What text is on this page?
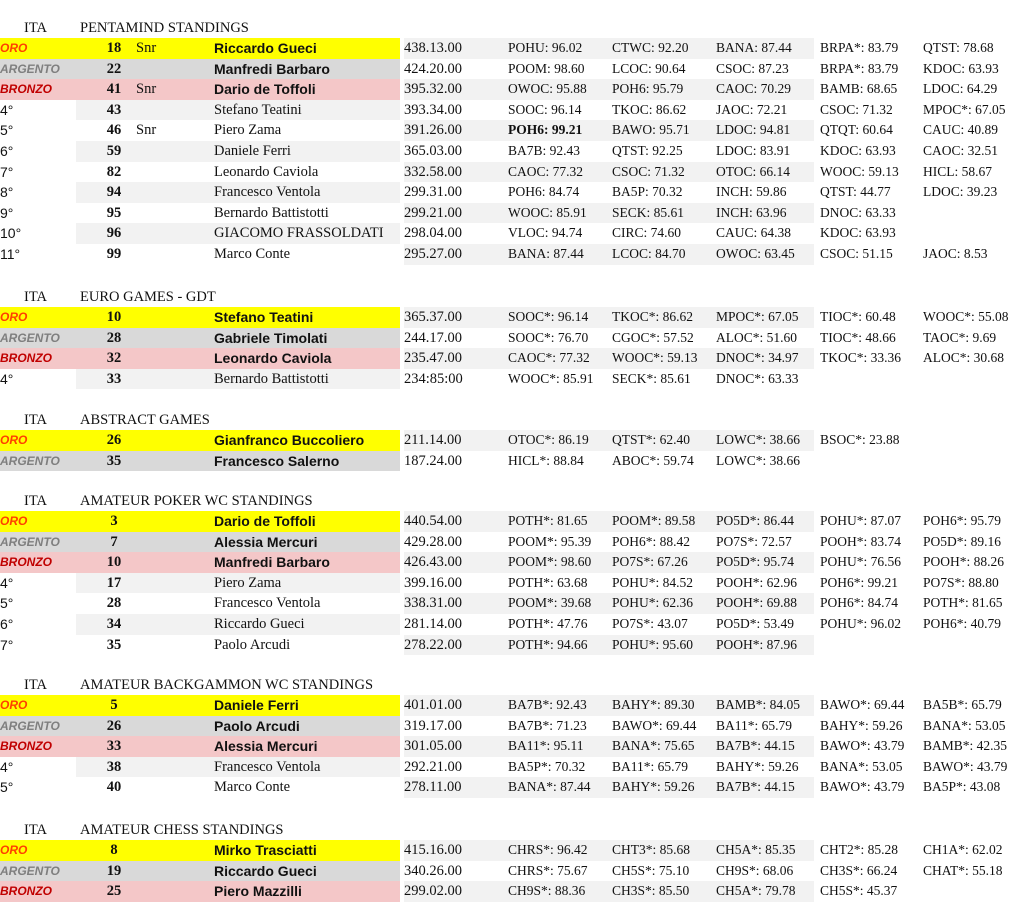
ITA PENTAMIND STANDINGS
ORO	18	Snr	Riccardo Gueci	438.13.00	POHU: 96.02	CTWC: 92.20	BANA: 87.44	BRPA*: 83.79	QTST: 78.68
ARGENTO	22	Manfredi Barbaro	424.20.00	POOM: 98.60	LCOC: 90.64	CSOC: 87.23	BRPA*: 83.79	KDOC: 63.93
BRONZO	41	Snr	Dario de Toffoli	395.32.00	OWOC: 95.88	POH6: 95.79	CAOC: 70.29	BAMB: 68.65	LDOC: 64.29
4°	43	Stefano Teatini	393.34.00	SOOC: 96.14	TKOC: 86.62	JAOC: 72.21	CSOC: 71.32	MPOC*: 67.05
5°	46	Snr	Piero Zama	391.26.00	POH6: 99.21	BAWO: 95.71	LDOC: 94.81	QTQT: 60.64	CAUC: 40.89
6°	59	Daniele Ferri	365.03.00	BA7B: 92.43	QTST: 92.25	LDOC: 83.91	KDOC: 63.93	CAOC: 32.51
7°	82	Leonardo Caviola	332.58.00	CAOC: 77.32	CSOC: 71.32	OTOC: 66.14	WOOC: 59.13	HICL: 58.67
8°	94	Francesco Ventola	299.31.00	POH6: 84.74	BA5P: 70.32	INCH: 59.86	QTST: 44.77	LDOC: 39.23
9°	95	Bernardo Battistotti	299.21.00	WOOC: 85.91	SECK: 85.61	INCH: 63.96	DNOC: 63.33
10°	96	GIACOMO FRASSOLDATI	298.04.00	VLOC: 94.74	CIRC: 74.60	CAUC: 64.38	KDOC: 63.93
11°	99	Marco Conte	295.27.00	BANA: 87.44	LCOC: 84.70	OWOC: 63.45	CSOC: 51.15	JAOC: 8.53
ITA EURO GAMES - GDT
ORO	10	Stefano Teatini	365.37.00	SOOC*: 96.14	TKOC*: 86.62	MPOC*: 67.05	TIOC*: 60.48	WOOC*: 55.08
ARGENTO	28	Gabriele Timolati	244.17.00	SOOC*: 76.70	CGOC*: 57.52	ALOC*: 51.60	TIOC*: 48.66	TAOC*: 9.69
BRONZO	32	Leonardo Caviola	235.47.00	CAOC*: 77.32	WOOC*: 59.13	DNOC*: 34.97	TKOC*: 33.36	ALOC*: 30.68
4°	33	Bernardo Battistotti	234:85:00	WOOC*: 85.91	SECK*: 85.61	DNOC*: 63.33
ITA ABSTRACT GAMES
ORO	26	Gianfranco Buccoliero	211.14.00	OTOC*: 86.19	QTST*: 62.40	LOWC*: 38.66	BSOC*: 23.88
ARGENTO	35	Francesco Salerno	187.24.00	HICL*: 88.84	ABOC*: 59.74	LOWC*: 38.66
ITA AMATEUR POKER WC STANDINGS
ORO	3	Dario de Toffoli	440.54.00	POTH*: 81.65	POOM*: 89.58	PO5D*: 86.44	POHU*: 87.07	POH6*: 95.79
ARGENTO	7	Alessia Mercuri	429.28.00	POOM*: 95.39	POH6*: 88.42	PO7S*: 72.57	POOH*: 83.74	PO5D*: 89.16
BRONZO	10	Manfredi Barbaro	426.43.00	POOM*: 98.60	PO7S*: 67.26	PO5D*: 95.74	POHU*: 76.56	POOH*: 88.26
4°	17	Piero Zama	399.16.00	POTH*: 63.68	POHU*: 84.52	POOH*: 62.96	POH6*: 99.21	PO7S*: 88.80
5°	28	Francesco Ventola	338.31.00	POOM*: 39.68	POHU*: 62.36	POOH*: 69.88	POH6*: 84.74	POTH*: 81.65
6°	34	Riccardo Gueci	281.14.00	POTH*: 47.76	PO7S*: 43.07	PO5D*: 53.49	POHU*: 96.02	POH6*: 40.79
7°	35	Paolo Arcudi	278.22.00	POTH*: 94.66	POHU*: 95.60	POOH*: 87.96
ITA AMATEUR BACKGAMMON WC STANDINGS
ORO	5	Daniele Ferri	401.01.00	BA7B*: 92.43	BAHY*: 89.30	BAMB*: 84.05	BAWO*: 69.44	BA5B*: 65.79
ARGENTO	26	Paolo Arcudi	319.17.00	BA7B*: 71.23	BAWO*: 69.44	BA11*: 65.79	BAHY*: 59.26	BANA*: 53.05
BRONZO	33	Alessia Mercuri	301.05.00	BA11*: 95.11	BANA*: 75.65	BA7B*: 44.15	BAWO*: 43.79	BAMB*: 42.35
4°	38	Francesco Ventola	292.21.00	BA5P*: 70.32	BA11*: 65.79	BAHY*: 59.26	BANA*: 53.05	BAWO*: 43.79
5°	40	Marco Conte	278.11.00	BANA*: 87.44	BAHY*: 59.26	BA7B*: 44.15	BAWO*: 43.79	BA5P*: 43.08
ITA AMATEUR CHESS STANDINGS
ORO	8	Mirko Trasciatti	415.16.00	CHRS*: 96.42	CHT3*: 85.68	CH5A*: 85.35	CHT2*: 85.28	CH1A*: 62.02
ARGENTO	19	Riccardo Gueci	340.26.00	CHRS*: 75.67	CH5S*: 75.10	CH9S*: 68.06	CH3S*: 66.24	CHAT*: 55.18
BRONZO	25	Piero Mazzilli	299.02.00	CH9S*: 88.36	CH3S*: 85.50	CH5A*: 79.78	CH5S*: 45.37
